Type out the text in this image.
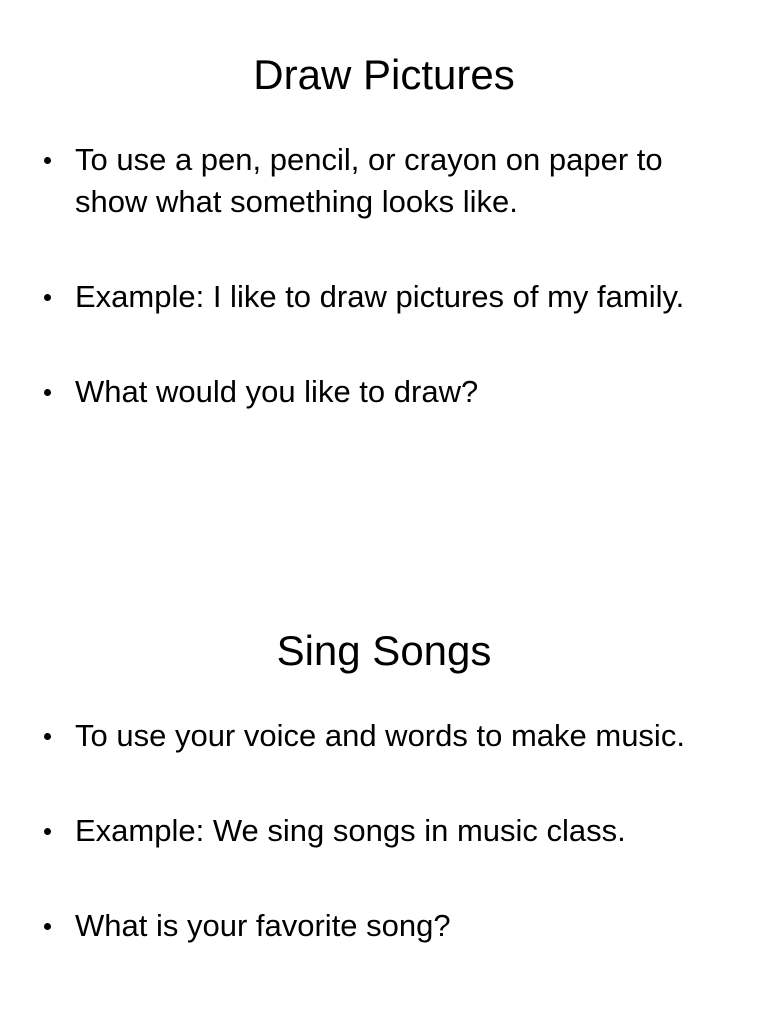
Draw Pictures
To use a pen, pencil, or crayon on paper to show what something looks like.
Example: I like to draw pictures of my family.
What would you like to draw?
Sing Songs
To use your voice and words to make music.
Example: We sing songs in music class.
What is your favorite song?
